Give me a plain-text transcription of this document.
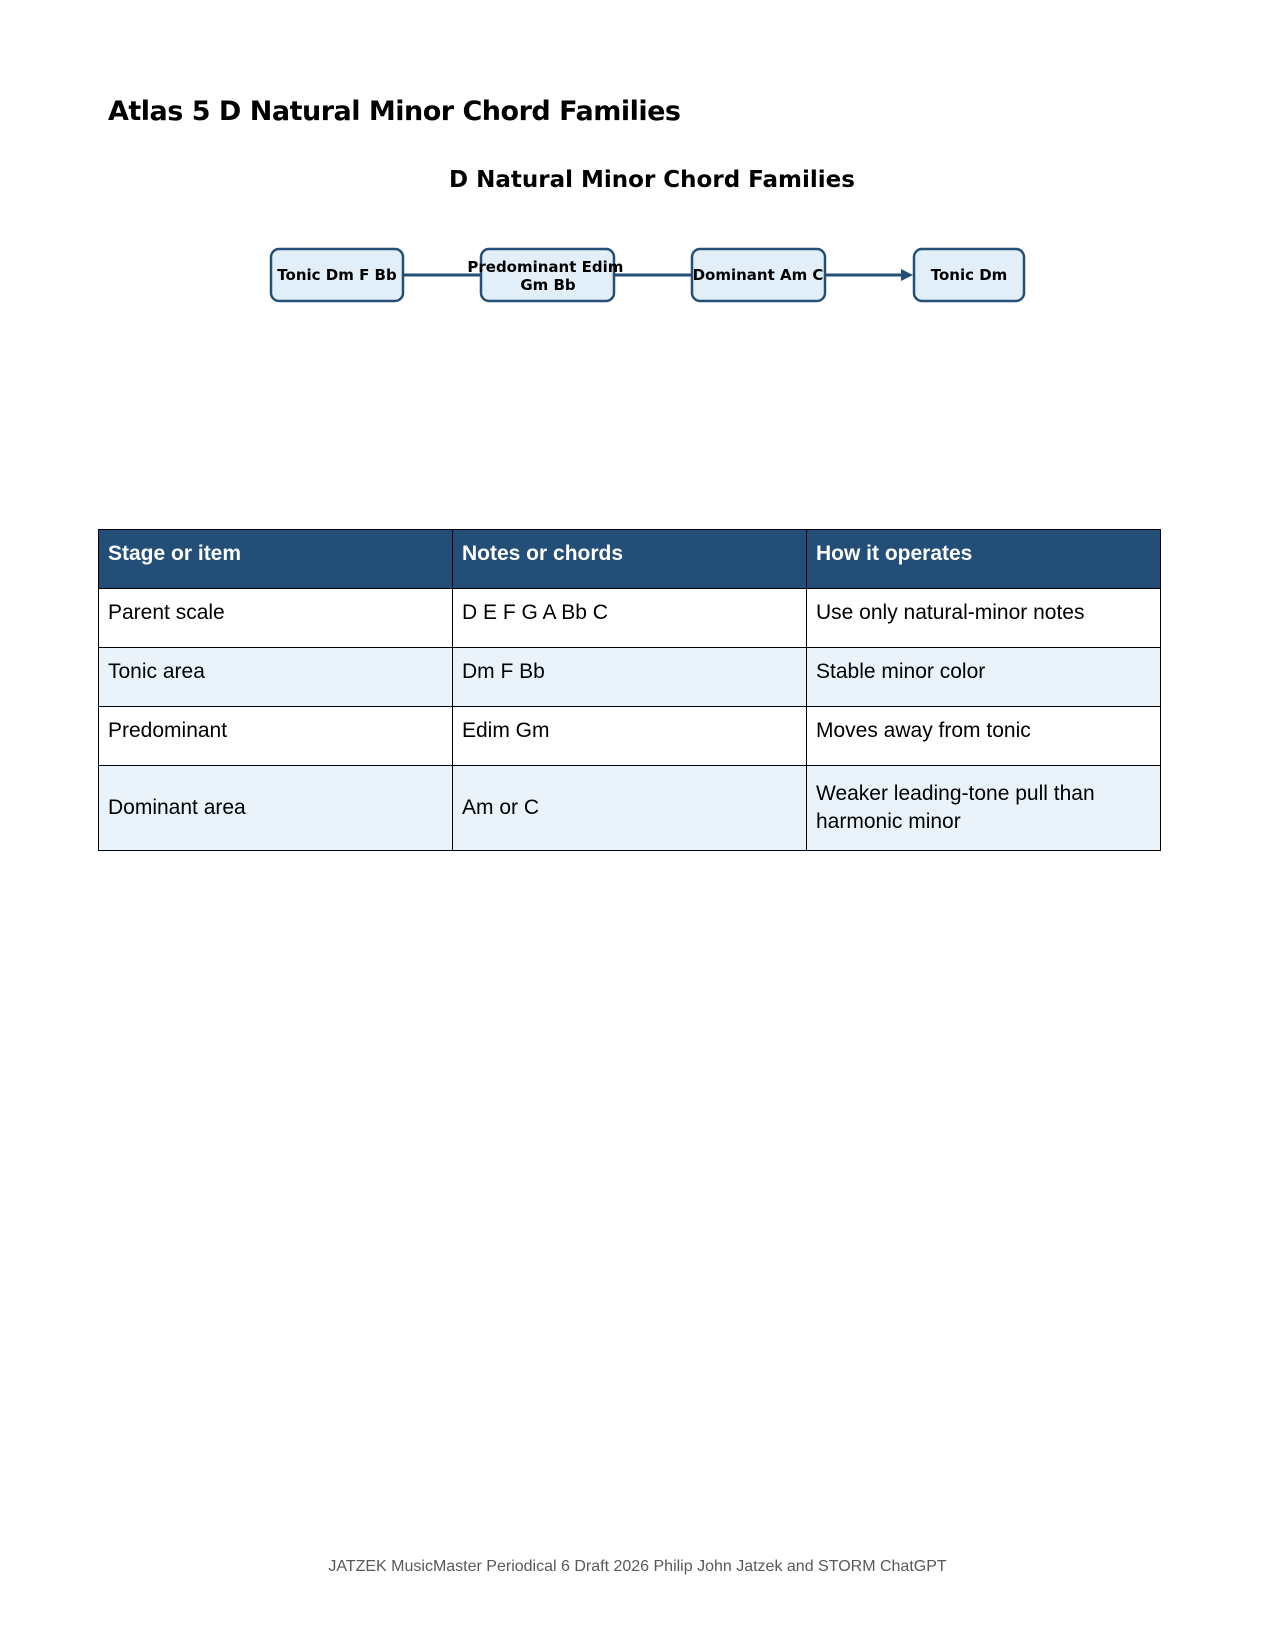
Atlas 5 D Natural Minor Chord Families
D Natural Minor Chord Families
Tonic Dm F Bb	Predominant Edim Gm Bb
Dominant Am C	Tonic Dm
Stage or item	Notes or chords	How it operates
Parent scale	D E F G A Bb C	Use only natural-minor notes
Tonic area	Dm F Bb	Stable minor color
Predominant	Edim Gm	Moves away from tonic
Dominant area	Am or C	Weaker leading-tone pull than harmonic minor
JATZEK MusicMaster Periodical 6 Draft 2026 Philip John Jatzek and STORM ChatGPT
